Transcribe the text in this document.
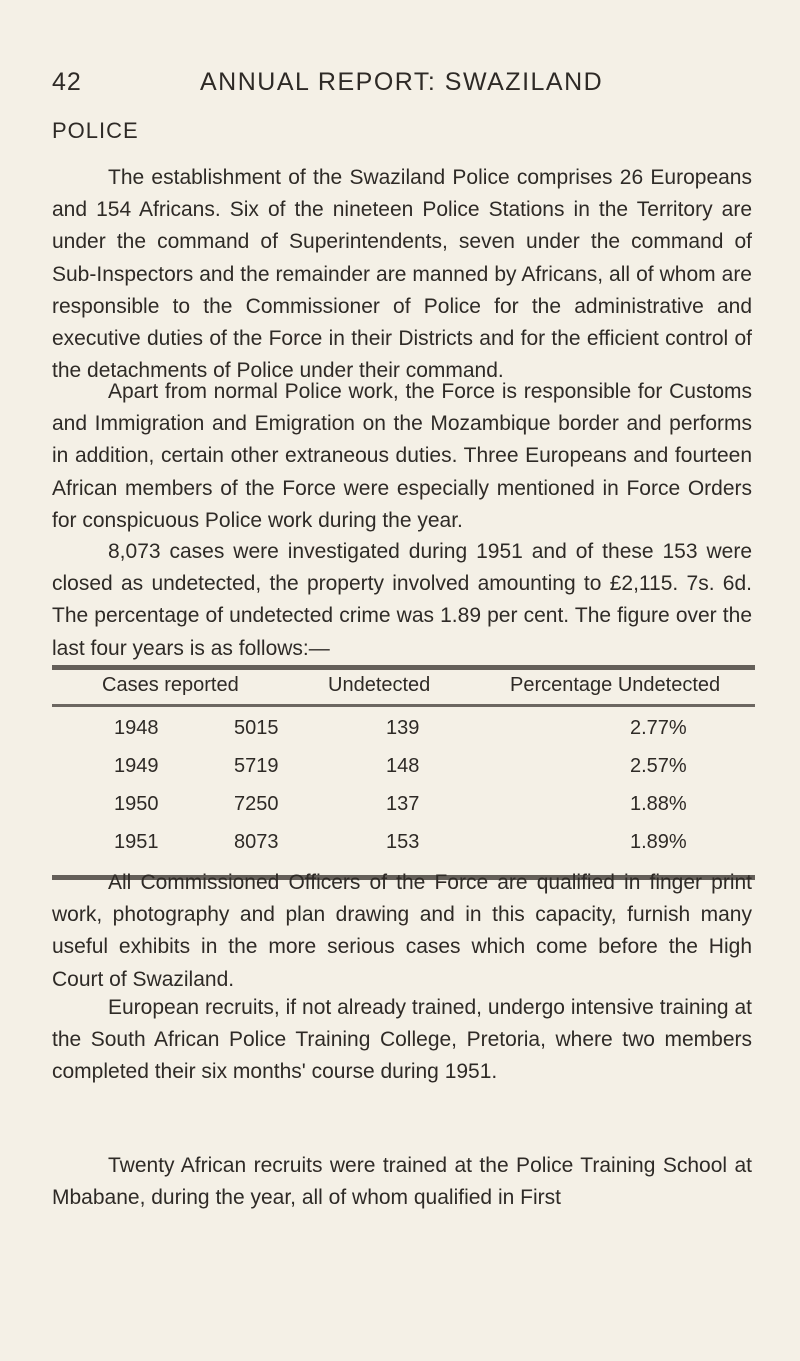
42	ANNUAL REPORT: SWAZILAND
POLICE

The establishment of the Swaziland Police comprises 26 Europeans and 154 Africans. Six of the nineteen Police Stations in the Territory are under the command of Superintendents, seven under the command of Sub-Inspectors and the remainder are manned by Africans, all of whom are responsible to the Commissioner of Police for the administrative and executive duties of the Force in their Districts and for the efficient control of the detachments of Police under their command.

Apart from normal Police work, the Force is responsible for Customs and Immigration and Emigration on the Mozambique border and performs in addition, certain other extraneous duties. Three Europeans and fourteen African members of the Force were especially mentioned in Force Orders for conspicuous Police work during the year.

8,073 cases were investigated during 1951 and of these 153 were closed as undetected, the property involved amounting to £2,115. 7s. 6d. The percentage of undetected crime was 1.89 per cent. The figure over the last four years is as follows:—

Cases reported	Undetected	Percentage Undetected
1948	5015	139	2.77%
1949	5719	148	2.57%
1950	7250	137	1.88%
1951	8073	153	1.89%

All Commissioned Officers of the Force are qualified in finger print work, photography and plan drawing and in this capacity, furnish many useful exhibits in the more serious cases which come before the High Court of Swaziland.

European recruits, if not already trained, undergo intensive training at the South African Police Training College, Pretoria, where two members completed their six months' course during 1951.

Twenty African recruits were trained at the Police Training School at Mbabane, during the year, all of whom qualified in First
